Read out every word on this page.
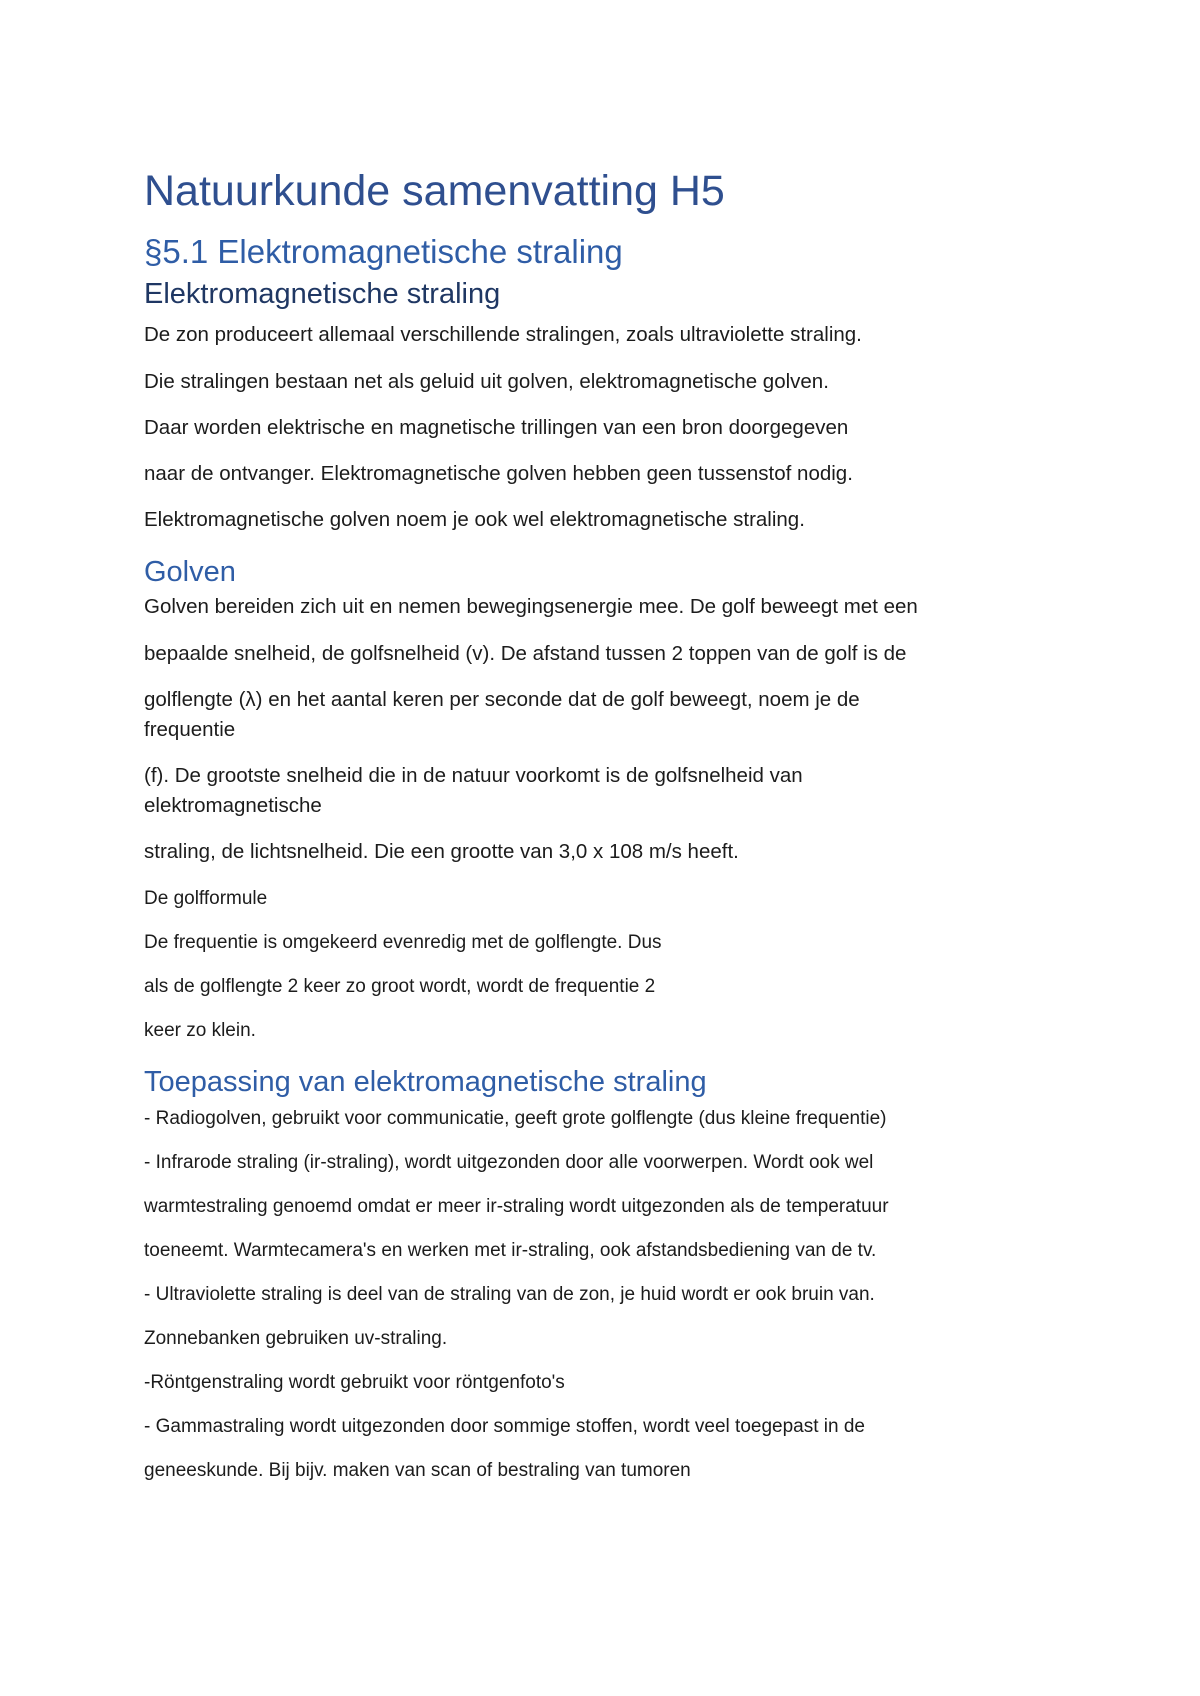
Natuurkunde samenvatting H5
§5.1 Elektromagnetische straling
Elektromagnetische straling

De zon produceert allemaal verschillende stralingen, zoals ultraviolette straling.

Die stralingen bestaan net als geluid uit golven, elektromagnetische golven.

Daar worden elektrische en magnetische trillingen van een bron doorgegeven

naar de ontvanger. Elektromagnetische golven hebben geen tussenstof nodig.

Elektromagnetische golven noem je ook wel elektromagnetische straling.

Golven

Golven bereiden zich uit en nemen bewegingsenergie mee. De golf beweegt met een

bepaalde snelheid, de golfsnelheid (v). De afstand tussen 2 toppen van de golf is de

golflengte (λ) en het aantal keren per seconde dat de golf beweegt, noem je de

frequentie

(f). De grootste snelheid die in de natuur voorkomt is de golfsnelheid van

elektromagnetische

straling, de lichtsnelheid. Die een grootte van 3,0 x 108 m/s heeft.

De golfformule

De frequentie is omgekeerd evenredig met de golflengte. Dus

als de golflengte 2 keer zo groot wordt, wordt de frequentie 2

keer zo klein.

Toepassing van elektromagnetische straling

- Radiogolven, gebruikt voor communicatie, geeft grote golflengte (dus kleine frequentie)

- Infrarode straling (ir-straling), wordt uitgezonden door alle voorwerpen. Wordt ook wel

warmtestraling genoemd omdat er meer ir-straling wordt uitgezonden als de temperatuur

toeneemt. Warmtecamera's en werken met ir-straling, ook afstandsbediening van de tv.

- Ultraviolette straling is deel van de straling van de zon, je huid wordt er ook bruin van.

Zonnebanken gebruiken uv-straling.

-Röntgenstraling wordt gebruikt voor röntgenfoto's

- Gammastraling wordt uitgezonden door sommige stoffen, wordt veel toegepast in de

geneeskunde. Bij bijv. maken van scan of bestraling van tumoren
